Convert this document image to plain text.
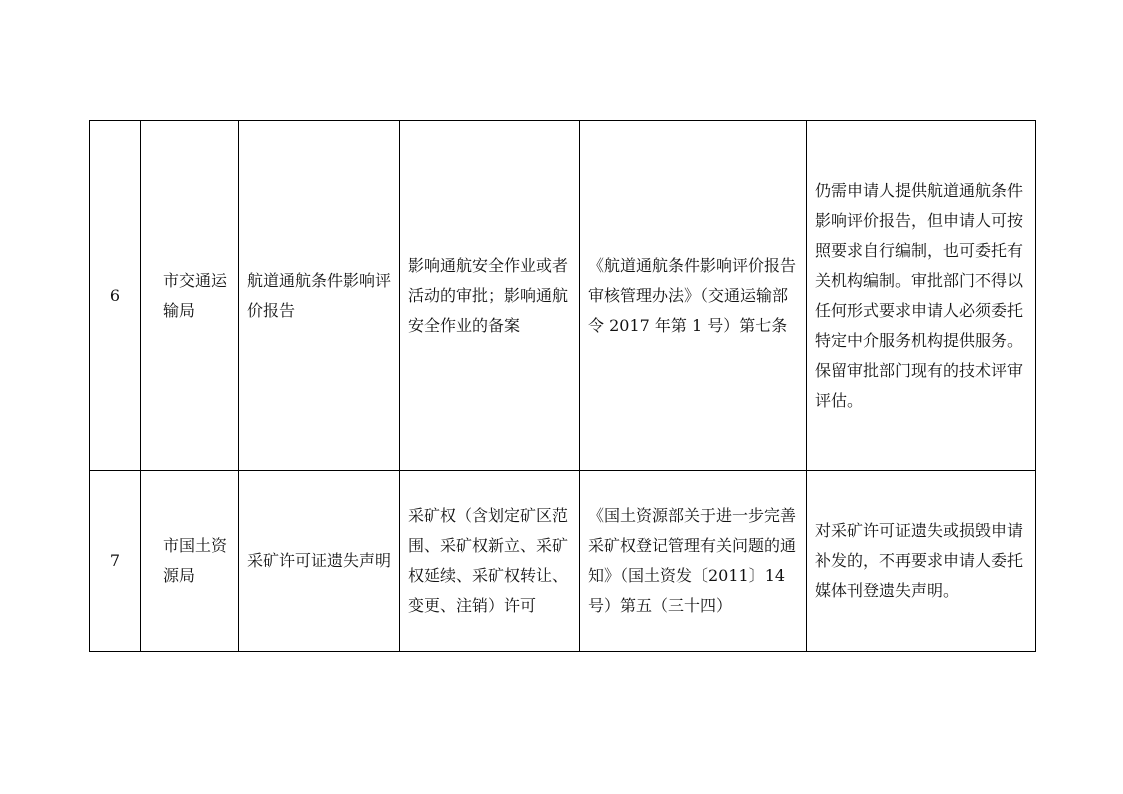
6	市交通运输局	航道通航条件影响评价报告	影响通航安全作业或者活动的审批；影响通航安全作业的备案	《航道通航条件影响评价报告审核管理办法》（交通运输部令 2017 年第 1 号）第七条	仍需申请人提供航道通航条件影响评价报告，但申请人可按照要求自行编制，也可委托有关机构编制。审批部门不得以任何形式要求申请人必须委托特定中介服务机构提供服务。保留审批部门现有的技术评审评估。

7	市国土资源局	采矿许可证遗失声明	采矿权（含划定矿区范围、采矿权新立、采矿权延续、采矿权转让、变更、注销）许可	《国土资源部关于进一步完善采矿权登记管理有关问题的通知》（国土资发〔2011〕14 号）第五（三十四）	对采矿许可证遗失或损毁申请补发的，不再要求申请人委托媒体刊登遗失声明。
